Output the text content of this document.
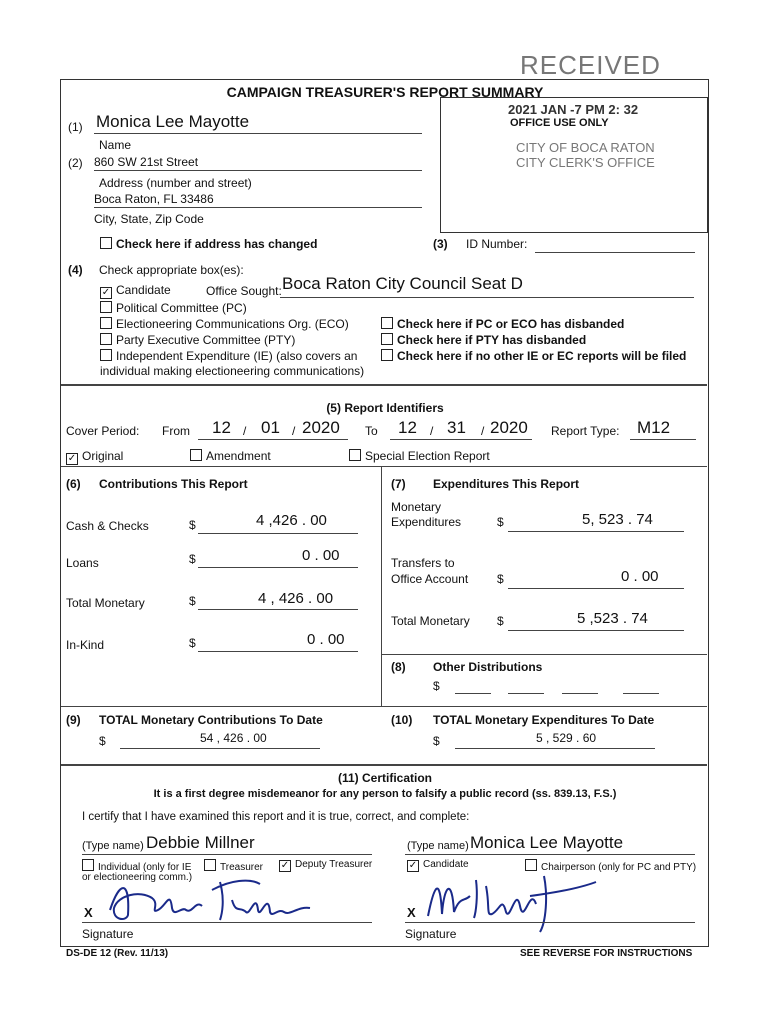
RECEIVED
2021 JAN -7 PM 2: 32
OFFICE USE ONLY
CITY OF BOCA RATON
CITY CLERK'S OFFICE
CAMPAIGN TREASURER'S REPORT SUMMARY
(1) Monica Lee Mayotte
Name
(2) 860 SW 21st Street
Address (number and street)
Boca Raton, FL 33486
City, State, Zip Code
Check here if address has changed	(3) ID Number:
(4) Check appropriate box(es):
✓ Candidate	Office Sought: Boca Raton City Council Seat D
Political Committee (PC)
Electioneering Communications Org. (ECO)
Party Executive Committee (PTY)
Independent Expenditure (IE) (also covers an
individual making electioneering communications)
Check here if PC or ECO has disbanded
Check here if PTY has disbanded
Check here if no other IE or EC reports will be filed
(5) Report Identifiers
Cover Period: From 12 / 01 / 2020 To 12 / 31 / 2020 Report Type: M12
✓ Original	Amendment	Special Election Report
(6) Contributions This Report
Cash & Checks	$	4 ,426 . 00
Loans	$	0 . 00
Total Monetary	$	4 , 426 . 00
In-Kind	$	0 . 00
(7) Expenditures This Report
Monetary
Expenditures	$	5, 523 . 74
Transfers to
Office Account $	0 . 00
Total Monetary $	5 ,523 . 74
(8) Other Distributions
$
(9) TOTAL Monetary Contributions To Date
$	54 , 426 . 00
(10) TOTAL Monetary Expenditures To Date
$	5 , 529 . 60
(11) Certification
It is a first degree misdemeanor for any person to falsify a public record (ss. 839.13, F.S.)
I certify that I have examined this report and it is true, correct, and complete:
(Type name) Debbie Millner	(Type name) Monica Lee Mayotte
Individual (only for IE
or electioneering comm.)
Treasurer ✓ Deputy Treasurer	✓ Candidate	Chairperson (only for PC and PTY)
X
Signature
X
Signature
DS-DE 12 (Rev. 11/13)	SEE REVERSE FOR INSTRUCTIONS
